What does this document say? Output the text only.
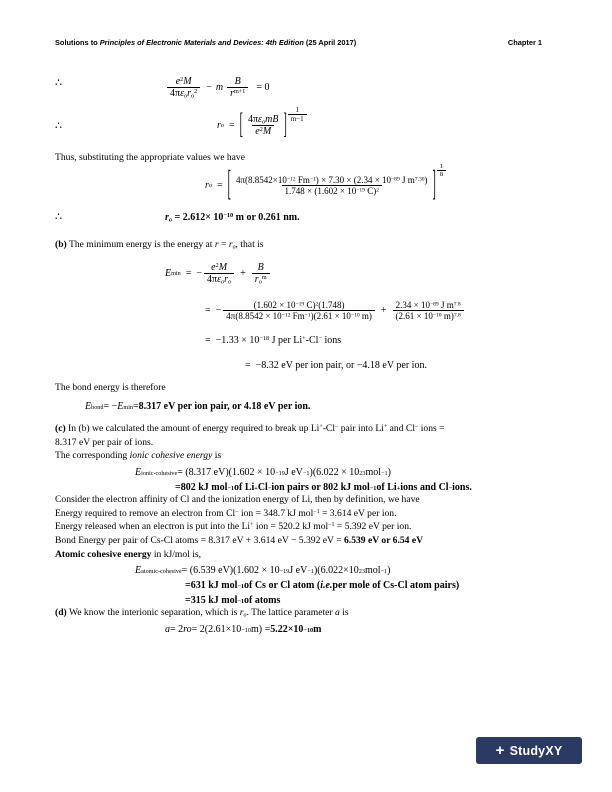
Solutions to Principles of Electronic Materials and Devices: 4th Edition (25 April 2017)	Chapter 1
∴	$\frac{e^2M}{4\pi\varepsilon oro^2} - m \frac{B}{r^{m+1}} = 0$
∴	r o = [ $\frac{\text{4πεomB}}{e^2M}$ ] $\frac{1}{m-1}$

Thus, substituting the appropriate values we have

r o = [ $\frac{4\pi(8.8542\times 10^{-12} Fm^{-1}) \times 7.30 \times (2.34 \times 10^{-89} J m^{7.30})}{1.748 \times (1.602 \times 10^{-19} C)^2}$ ] $\frac{1}{8}$
∴	ro = $2.612\times 10^{-10}$ m or 0.261 nm.

(b) The minimum energy is the energy at r = ro, that is

E min = − $\frac{e^2M}{\text{4πεoro}} + \frac{B}{ro^m}$
= − $\frac{(1.602 \times 10^{-19} C)^2(1.748)}{4\pi(8.8542 \times 10^{-12} Fm^{-1})(2.61 \times 10^{-10} m)} + \frac{2.34 \times 10^{-89} J m^{7.8}}{(2.61 \times 10^{-10} m)^{7.8}}$
= $-1.33 \times 10^{-18}$ J per Li+-Cl− ions
= −8.32 eV per ion pair, or −4.18 eV per ion.

The bond energy is therefore

E bond = − E min = 8.317 eV per ion pair, or 4.18 eV per ion.

(c) In (b) we calculated the amount of energy required to break up Li+-Cl− pair into Li+ and Cl− ions =

8.317 eV per pair of ions.

The corresponding ionic cohesive energy is

E ionic-cohesive = (8.317 eV)(1.602 × 10 −19 J eV −1 )(6.022 × 10 23 mol −1 )
= 802 kJ mol −1 of Li + Cl − ion pairs or 802 kJ mol −1 of Li + ions and Cl − ions.

Consider the electron affinity of Cl and the ionization energy of Li, then by definition, we have

Energy required to remove an electron from Cl− ion = 348.7 kJ mol$^{-1}$ = 3.614 eV per ion.

Energy released when an electron is put into the Li+ ion = 520.2 kJ mol$^{-1}$ = 5.392 eV per ion.

Bond Energy per pair of Cs-Cl atoms = 8.317 eV + 3.614 eV − 5.392 eV = 6.539 eV or 6.54 eV

Atomic cohesive energy in kJ/mol is,

E atomic-cohesive = (6.539 eV)(1.602 × 10 −19 J eV −1 )(6.022×10 23 mol −1 )
= 631 kJ mol −1 of Cs or Cl atom ( i.e. per mole of Cs-Cl atom pairs)
= 315 kJ mol −1 of atoms

(d) We know the interionic separation, which is ro. The lattice parameter a is

a = 2 ro = 2(2.61×10 −10 m) = 5.22×10 −10 m
+ Study XY
